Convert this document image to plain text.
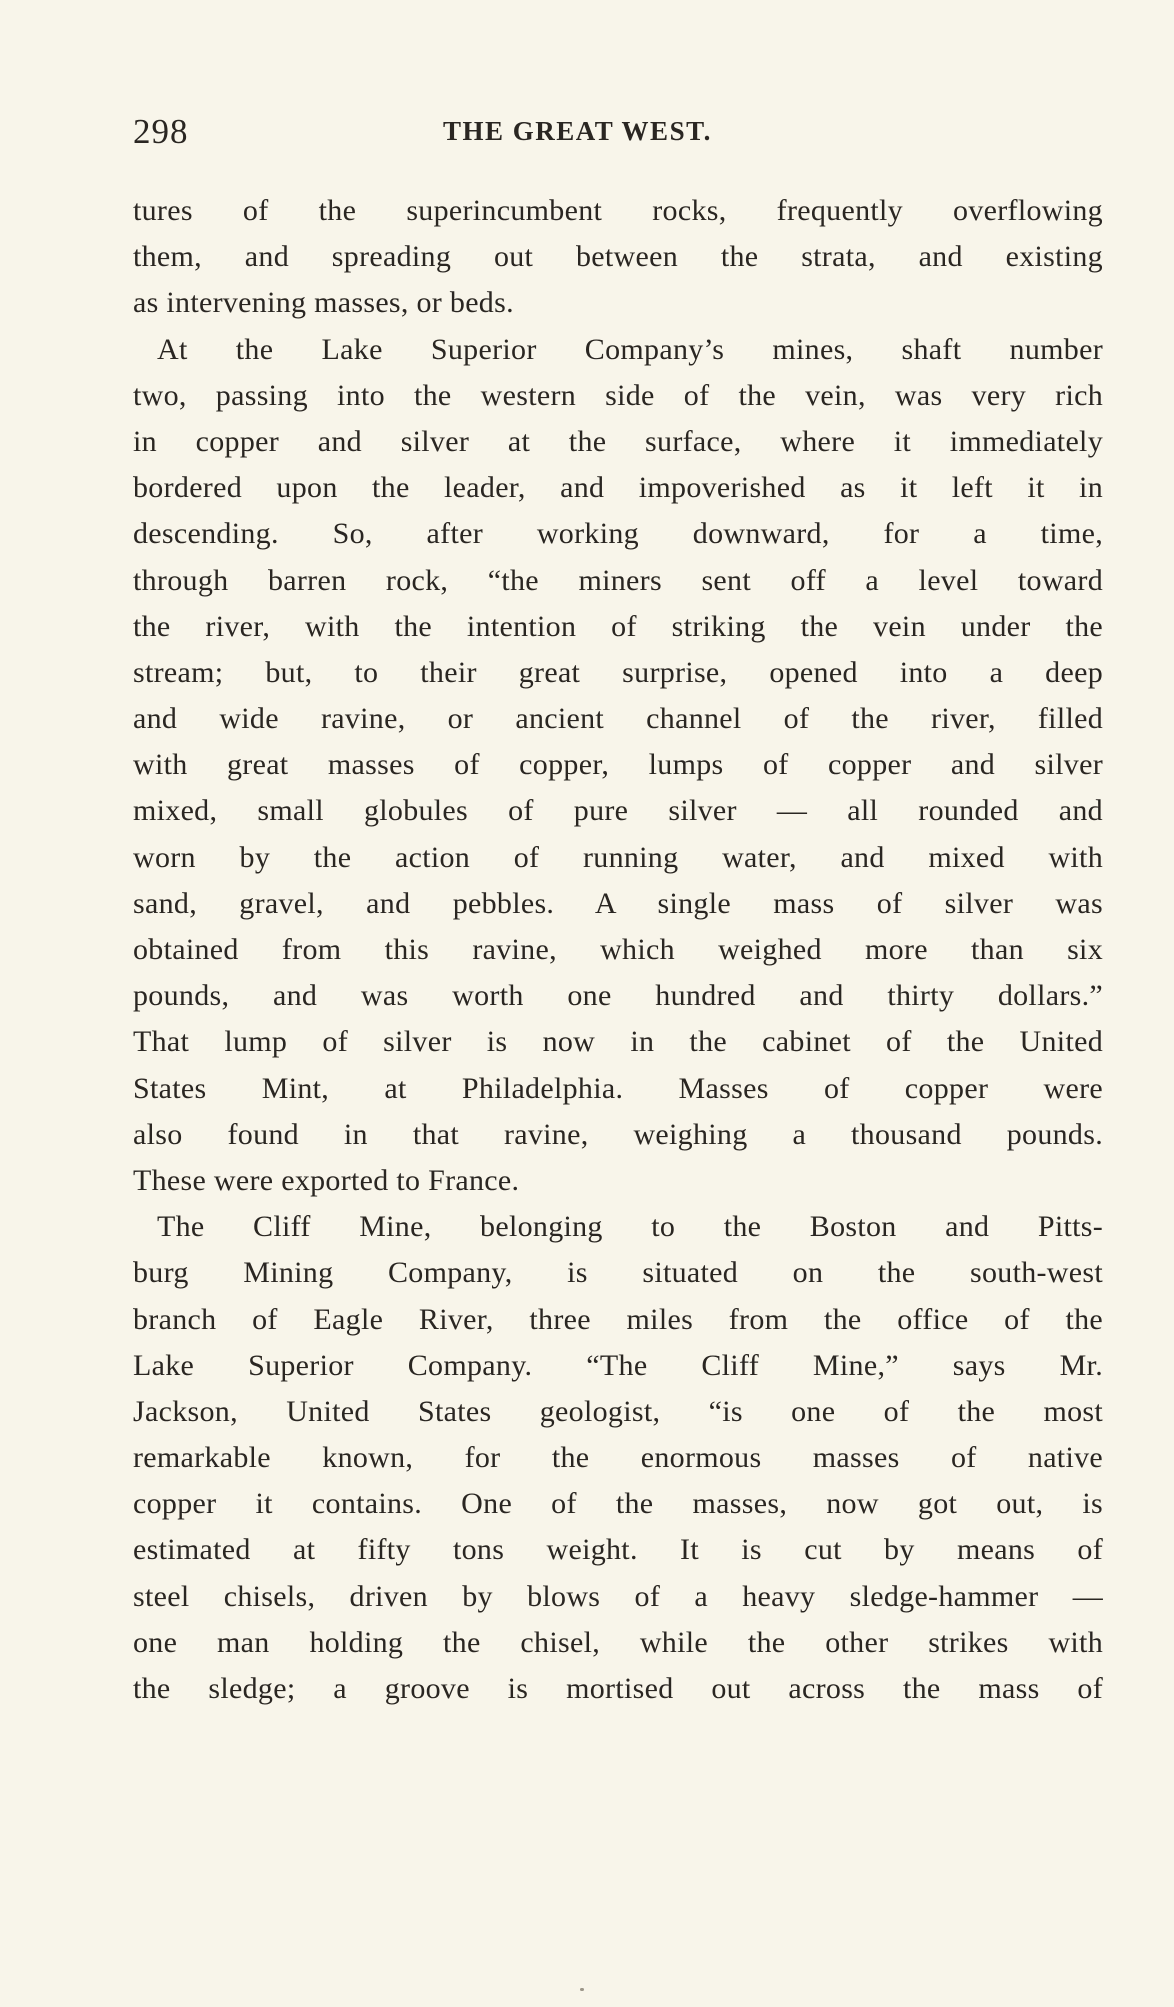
298	THE GREAT WEST.
tures of the superincumbent rocks, frequently overflowing
them, and spreading out between the strata, and existing
as intervening masses, or beds.
At the Lake Superior Company’s mines, shaft number
two, passing into the western side of the vein, was very rich
in copper and silver at the surface, where it immediately
bordered upon the leader, and impoverished as it left it in
descending. So, after working downward, for a time,
through barren rock, “the miners sent off a level toward
the river, with the intention of striking the vein under the
stream; but, to their great surprise, opened into a deep
and wide ravine, or ancient channel of the river, filled
with great masses of copper, lumps of copper and silver
mixed, small globules of pure silver — all rounded and
worn by the action of running water, and mixed with
sand, gravel, and pebbles. A single mass of silver was
obtained from this ravine, which weighed more than six
pounds, and was worth one hundred and thirty dollars.”
That lump of silver is now in the cabinet of the United
States Mint, at Philadelphia. Masses of copper were
also found in that ravine, weighing a thousand pounds.
These were exported to France.
The Cliff Mine, belonging to the Boston and Pitts-
burg Mining Company, is situated on the south-west
branch of Eagle River, three miles from the office of the
Lake Superior Company. “The Cliff Mine,” says Mr.
Jackson, United States geologist, “is one of the most
remarkable known, for the enormous masses of native
copper it contains. One of the masses, now got out, is
estimated at fifty tons weight. It is cut by means of
steel chisels, driven by blows of a heavy sledge-hammer —
one man holding the chisel, while the other strikes with
the sledge; a groove is mortised out across the mass of
